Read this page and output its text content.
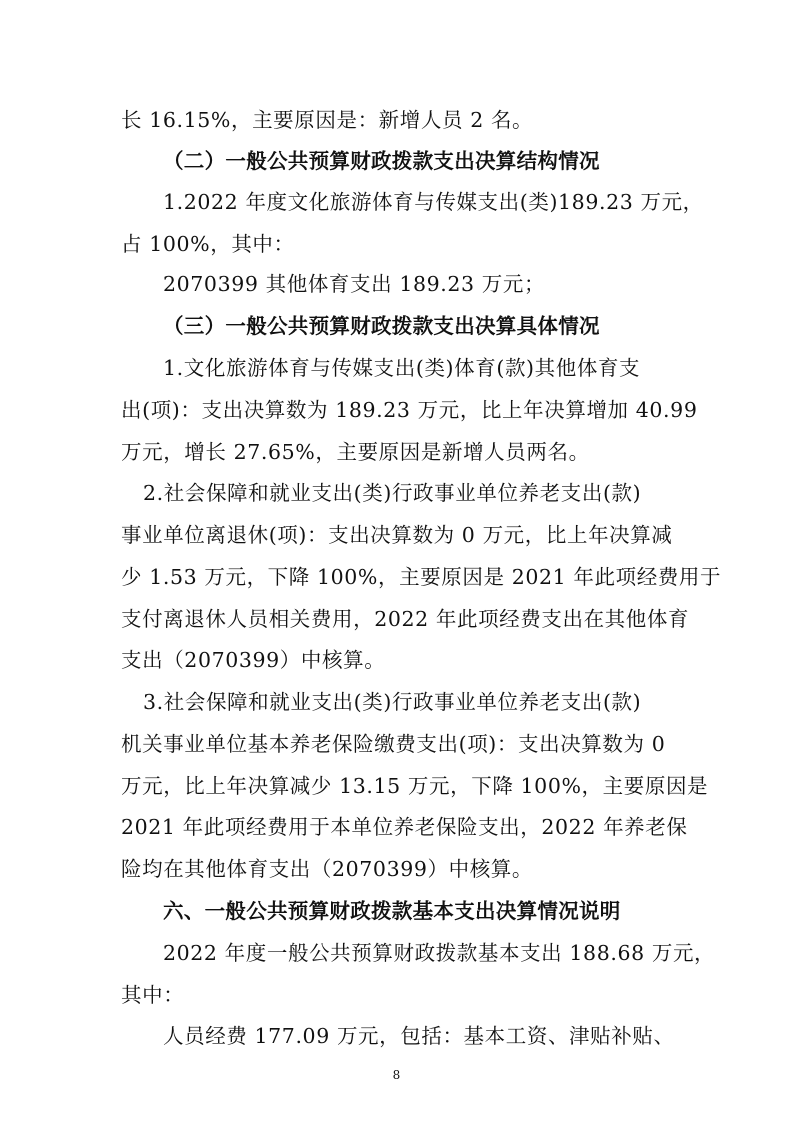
长 16.15%，主要原因是：新增人员 2 名。
（二）一般公共预算财政拨款支出决算结构情况
1.2022 年度文化旅游体育与传媒支出(类)189.23 万元，
占 100%，其中：
2070399 其他体育支出 189.23 万元；
（三）一般公共预算财政拨款支出决算具体情况
1.文化旅游体育与传媒支出(类)体育(款)其他体育支
出(项)：支出决算数为 189.23 万元，比上年决算增加 40.99
万元，增长 27.65%，主要原因是新增人员两名。
2.社会保障和就业支出(类)行政事业单位养老支出(款)
事业单位离退休(项)：支出决算数为 0 万元，比上年决算减
少 1.53 万元，下降 100%，主要原因是 2021 年此项经费用于
支付离退休人员相关费用，2022 年此项经费支出在其他体育
支出（2070399）中核算。
3.社会保障和就业支出(类)行政事业单位养老支出(款)
机关事业单位基本养老保险缴费支出(项)：支出决算数为 0
万元，比上年决算减少 13.15 万元，下降 100%，主要原因是
2021 年此项经费用于本单位养老保险支出，2022 年养老保
险均在其他体育支出（2070399）中核算。
六、一般公共预算财政拨款基本支出决算情况说明
2022 年度一般公共预算财政拨款基本支出 188.68 万元，
其中：
人员经费 177.09 万元，包括：基本工资、津贴补贴、
8
